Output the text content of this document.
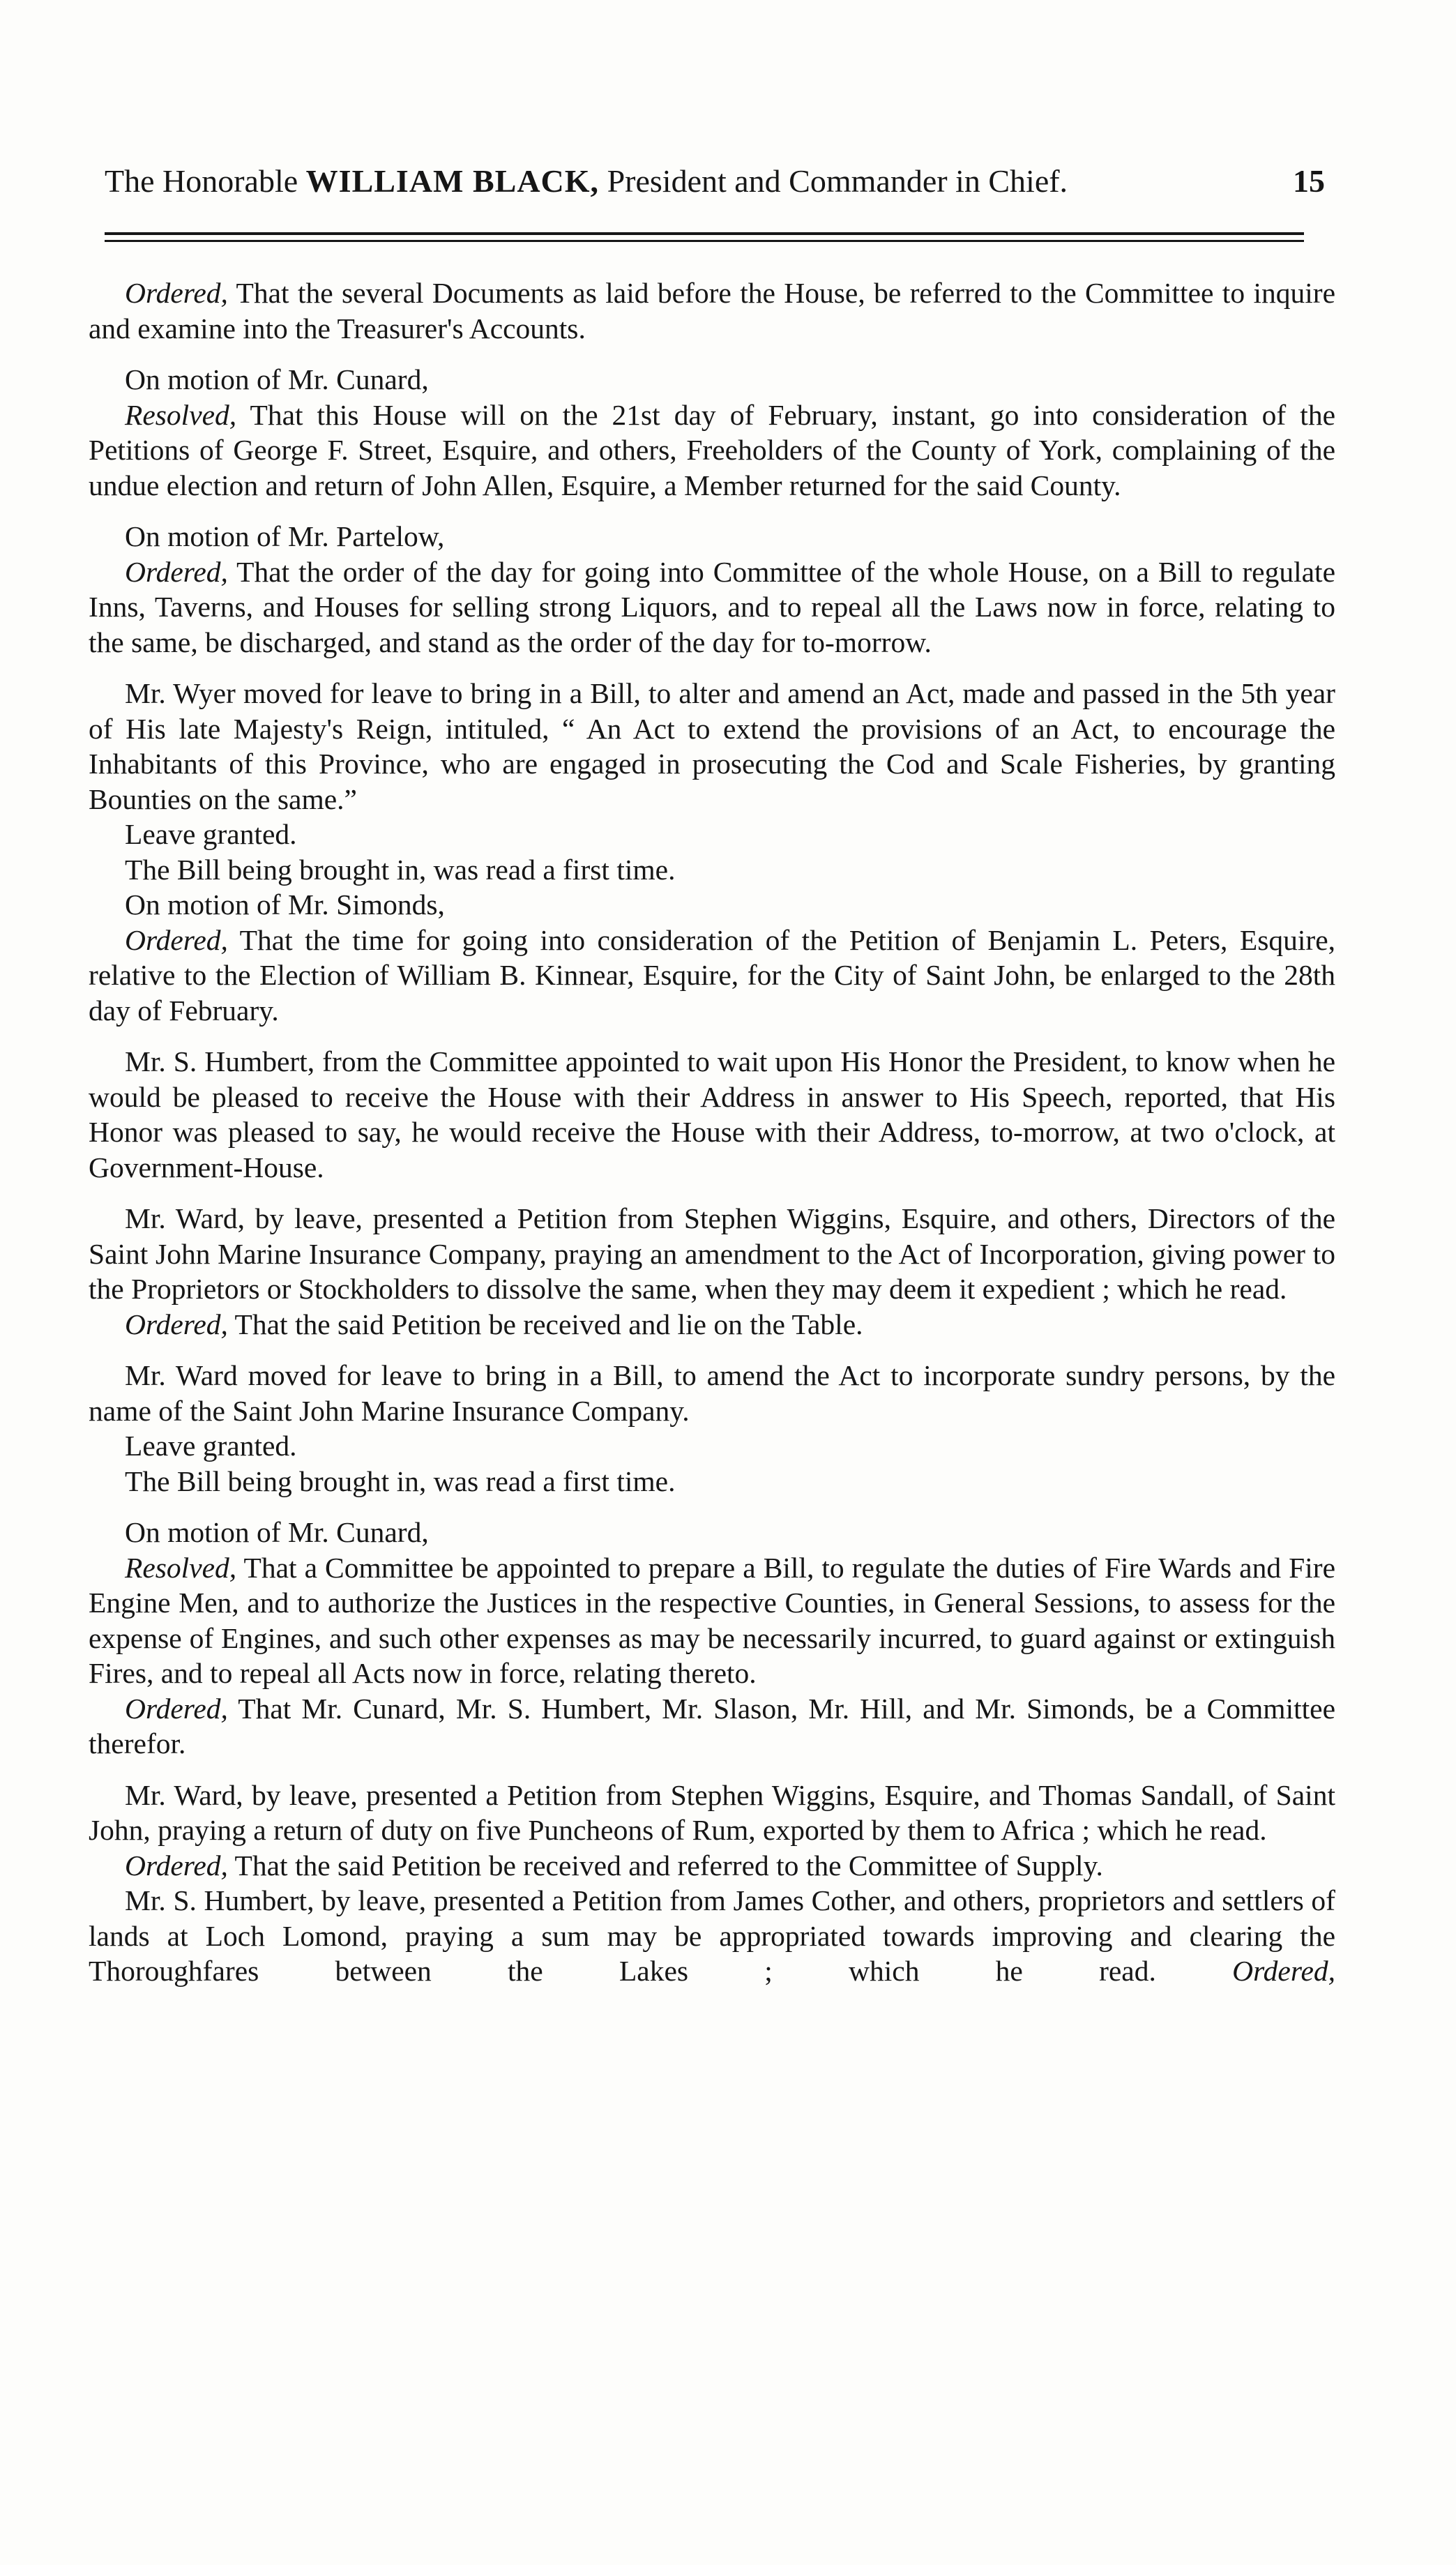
The Honorable WILLIAM BLACK, President and Commander in Chief.	15

Ordered, That the several Documents as laid before the House, be referred to the Committee to inquire and examine into the Treasurer's Accounts.

On motion of Mr. Cunard,

Resolved, That this House will on the 21st day of February, instant, go into consideration of the Petitions of George F. Street, Esquire, and others, Freeholders of the County of York, complaining of the undue election and return of John Allen, Esquire, a Member returned for the said County.

On motion of Mr. Partelow,

Ordered, That the order of the day for going into Committee of the whole House, on a Bill to regulate Inns, Taverns, and Houses for selling strong Liquors, and to repeal all the Laws now in force, relating to the same, be discharged, and stand as the order of the day for to-morrow.

Mr. Wyer moved for leave to bring in a Bill, to alter and amend an Act, made and passed in the 5th year of His late Majesty's Reign, intituled, “ An Act to extend the provisions of an Act, to encourage the Inhabitants of this Province, who are engaged in prosecuting the Cod and Scale Fisheries, by granting Bounties on the same.”

Leave granted.

The Bill being brought in, was read a first time.

On motion of Mr. Simonds,

Ordered, That the time for going into consideration of the Petition of Benjamin L. Peters, Esquire, relative to the Election of William B. Kinnear, Esquire, for the City of Saint John, be enlarged to the 28th day of February.

Mr. S. Humbert, from the Committee appointed to wait upon His Honor the President, to know when he would be pleased to receive the House with their Address in answer to His Speech, reported, that His Honor was pleased to say, he would receive the House with their Address, to-morrow, at two o'clock, at Government-House.

Mr. Ward, by leave, presented a Petition from Stephen Wiggins, Esquire, and others, Directors of the Saint John Marine Insurance Company, praying an amendment to the Act of Incorporation, giving power to the Proprietors or Stockholders to dissolve the same, when they may deem it expedient ; which he read.

Ordered, That the said Petition be received and lie on the Table.

Mr. Ward moved for leave to bring in a Bill, to amend the Act to incorporate sundry persons, by the name of the Saint John Marine Insurance Company.

Leave granted.

The Bill being brought in, was read a first time.

On motion of Mr. Cunard,

Resolved, That a Committee be appointed to prepare a Bill, to regulate the duties of Fire Wards and Fire Engine Men, and to authorize the Justices in the respective Counties, in General Sessions, to assess for the expense of Engines, and such other expenses as may be necessarily incurred, to guard against or extinguish Fires, and to repeal all Acts now in force, relating thereto.

Ordered, That Mr. Cunard, Mr. S. Humbert, Mr. Slason, Mr. Hill, and Mr. Simonds, be a Committee therefor.

Mr. Ward, by leave, presented a Petition from Stephen Wiggins, Esquire, and Thomas Sandall, of Saint John, praying a return of duty on five Puncheons of Rum, exported by them to Africa ; which he read.

Ordered, That the said Petition be received and referred to the Committee of Supply.

Mr. S. Humbert, by leave, presented a Petition from James Cother, and others, proprietors and settlers of lands at Loch Lomond, praying a sum may be appropriated towards improving and clearing the Thoroughfares between the Lakes ; which he read.	Ordered,
